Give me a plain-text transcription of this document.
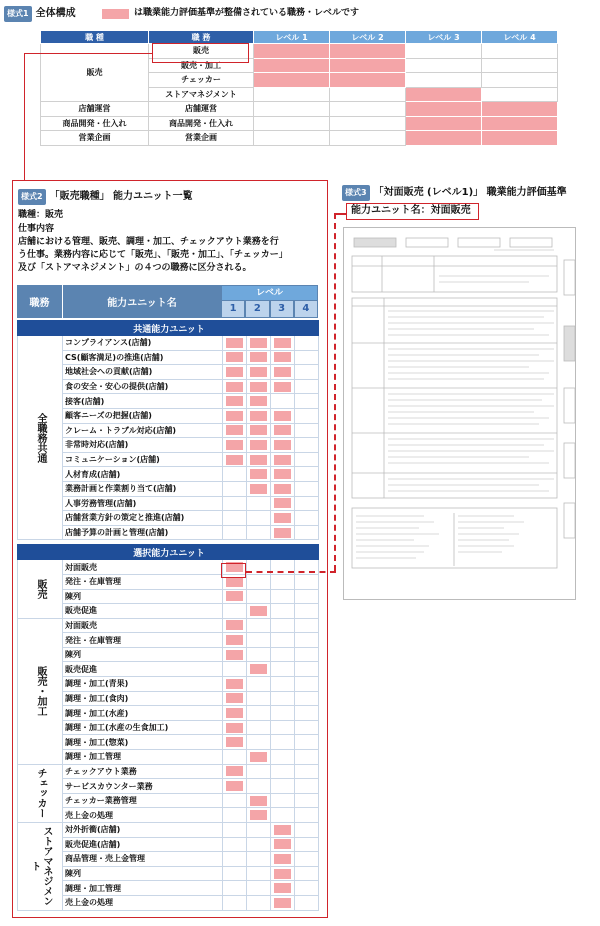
様式1 全体構成	は職業能力評価基準が整備されている職務・レベルです
職 種	職 務	レベル 1	レベル 2	レベル 3	レベル 4
販売	販売				
	販売・加工				
	チェッカー				
	ストアマネジメント				
店舗運営	店舗運営				
商品開発・仕入れ	商品開発・仕入れ				
営業企画	営業企画				
様式2 「販売職種」 能力ユニット一覧
職種：販売
仕事内容
店舗における管理、販売、調理・加工、チェックアウト業務を行
う仕事。業務内容に応じて「販売」、「販売・加工」、「チェッカー」
及び「ストアマネジメント」の４つの職務に区分される。
職務	能力ユニット名
レベル
1	2	3	4
共通能力ユニット					

全職務共通	コンプライアンス(店舗)				
	CS(顧客満足)の推進(店舗)				
	地域社会への貢献(店舗)				
	食の安全・安心の提供(店舗)				
	接客(店舗)				
	顧客ニーズの把握(店舗)				
	クレーム・トラブル対応(店舗)				
	非常時対応(店舗)				
	コミュニケーション(店舗)				
	人材育成(店舗)				
	業務計画と作業割り当て(店舗)				
	人事労務管理(店舗)				
	店舗営業方針の策定と推進(店舗)				
	店舗予算の計画と管理(店舗)				

選択能力ユニット					

販売	対面販売				
	発注・在庫管理				
	陳列				
	販売促進				

販売・加工	対面販売				
	発注・在庫管理				
	陳列				
	販売促進				
	調理・加工(青果)				
	調理・加工(食肉)				
	調理・加工(水産)				
	調理・加工(水産の生食加工)				
	調理・加工(惣菜)				
	調理・加工管理				

チェッカー	チェックアウト業務				
	サービスカウンター業務				
	チェッカー業務管理				
	売上金の処理				

ストアマネジメント	対外折衝(店舗)				
	販売促進(店舗)				
	商品管理・売上金管理				
	陳列				
	調理・加工管理				
	売上金の処理				
様式3 「対面販売 (レベル1)」 職業能力評価基準
能力ユニット名：対面販売
